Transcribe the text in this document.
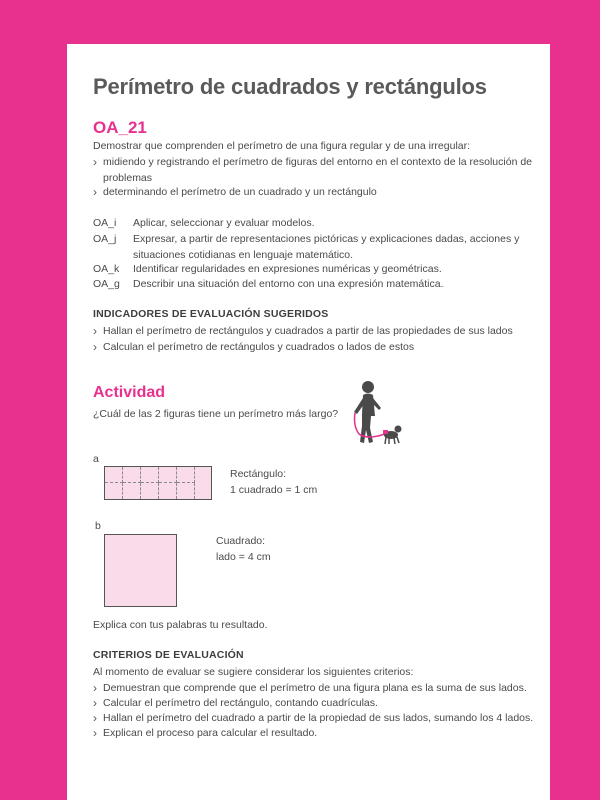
Perímetro de cuadrados y rectángulos
OA_21
Demostrar que comprenden el perímetro de una figura regular y de una irregular:
› midiendo y registrando el perímetro de figuras del entorno en el contexto de la resolución de problemas
› determinando el perímetro de un cuadrado y un rectángulo
OA_i	Aplicar, seleccionar y evaluar modelos.
OA_j	Expresar, a partir de representaciones pictóricas y explicaciones dadas, acciones y situaciones cotidianas en lenguaje matemático.
OA_k	Identificar regularidades en expresiones numéricas y geométricas.
OA_g	Describir una situación del entorno con una expresión matemática.
INDICADORES DE EVALUACIÓN SUGERIDOS
› Hallan el perímetro de rectángulos y cuadrados a partir de las propiedades de sus lados
› Calculan el perímetro de rectángulos y cuadrados o lados de estos
Actividad
¿Cuál de las 2 figuras tiene un perímetro más largo?
a
Rectángulo:
1 cuadrado = 1 cm
b
Cuadrado:
lado = 4 cm
Explica con tus palabras tu resultado.
CRITERIOS DE EVALUACIÓN
Al momento de evaluar se sugiere considerar los siguientes criterios:
› Demuestran que comprende que el perímetro de una figura plana es la suma de sus lados.
› Calcular el perímetro del rectángulo, contando cuadrículas.
› Hallan el perímetro del cuadrado a partir de la propiedad de sus lados, sumando los 4 lados.
› Explican el proceso para calcular el resultado.
